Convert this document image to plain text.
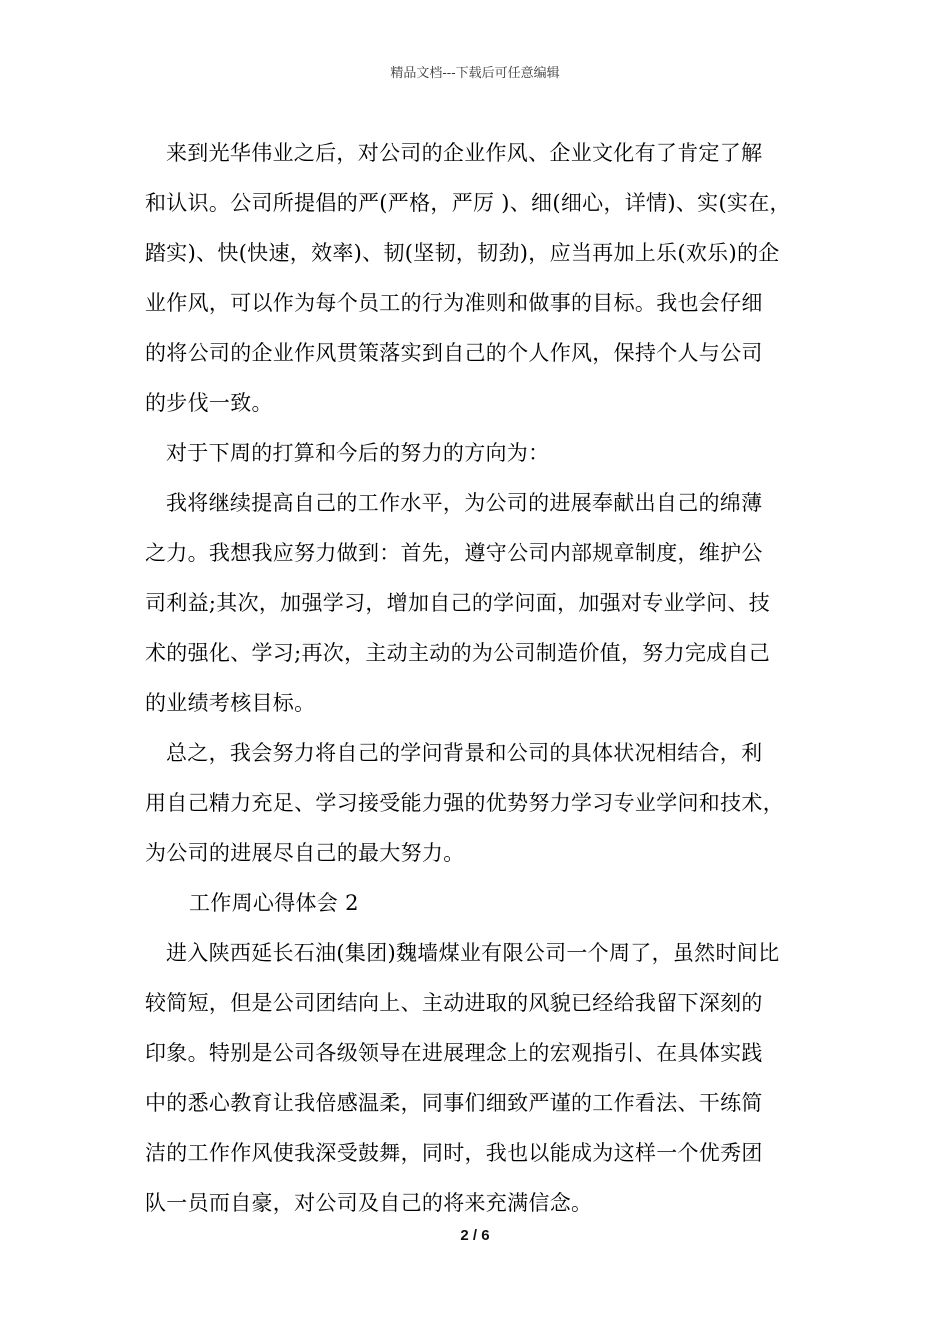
精品文档---下载后可任意编辑
来到光华伟业之后，对公司的企业作风、企业文化有了肯定了解
和认识。公司所提倡的严(严格，严厉 )、细(细心，详情)、实(实在，
踏实)、快(快速，效率)、韧(坚韧，韧劲)，应当再加上乐(欢乐)的企
业作风，可以作为每个员工的行为准则和做事的目标。我也会仔细
的将公司的企业作风贯策落实到自己的个人作风，保持个人与公司
的步伐一致。
对于下周的打算和今后的努力的方向为：
我将继续提高自己的工作水平，为公司的进展奉献出自己的绵薄
之力。我想我应努力做到：首先，遵守公司内部规章制度，维护公
司利益;其次，加强学习，增加自己的学问面，加强对专业学问、技
术的强化、学习;再次，主动主动的为公司制造价值，努力完成自己
的业绩考核目标。
总之，我会努力将自己的学问背景和公司的具体状况相结合，利
用自己精力充足、学习接受能力强的优势努力学习专业学问和技术，
为公司的进展尽自己的最大努力。
工作周心得体会 2
进入陕西延长石油(集团)魏墙煤业有限公司一个周了，虽然时间比
较简短，但是公司团结向上、主动进取的风貌已经给我留下深刻的
印象。特别是公司各级领导在进展理念上的宏观指引、在具体实践
中的悉心教育让我倍感温柔，同事们细致严谨的工作看法、干练简
洁的工作作风使我深受鼓舞，同时，我也以能成为这样一个优秀团
队一员而自豪，对公司及自己的将来充满信念。
2 / 6
